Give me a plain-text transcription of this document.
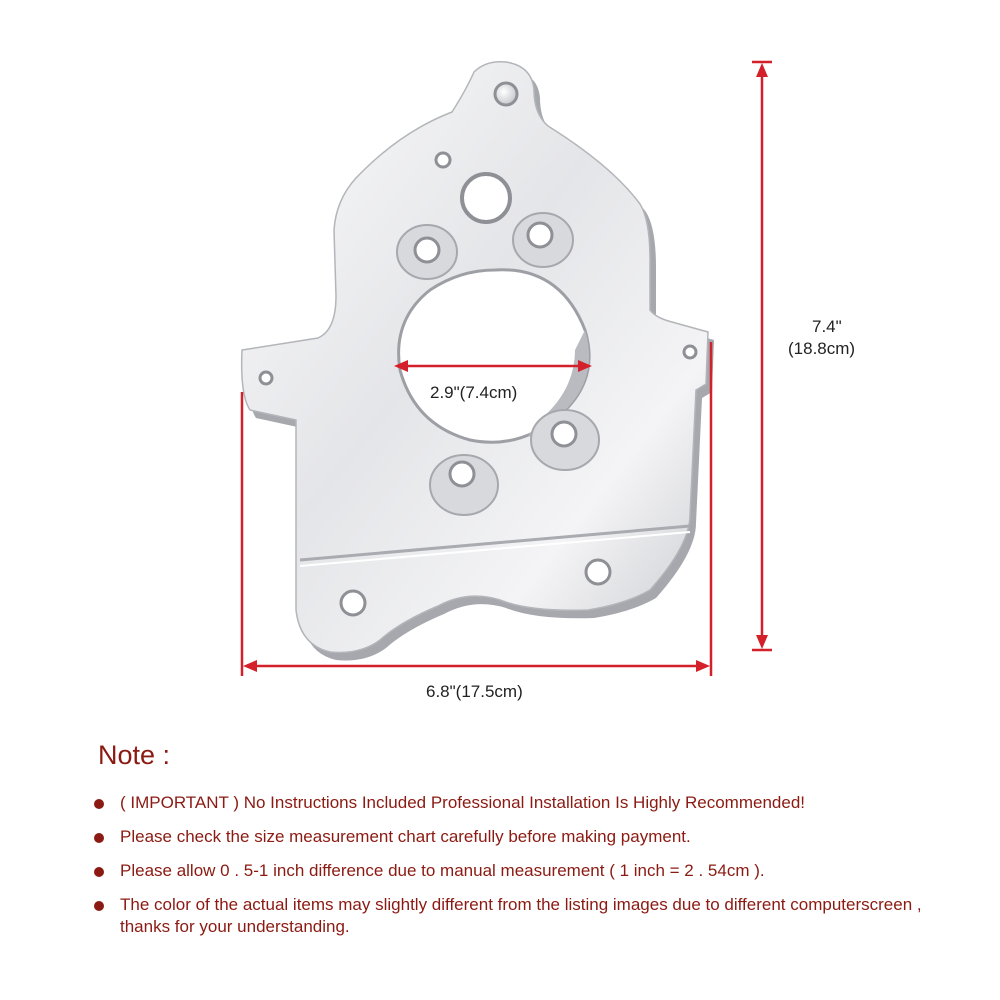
2.9"(7.4cm)
6.8"(17.5cm)
7.4"
(18.8cm)
Note :
( IMPORTANT ) No Instructions Included Professional Installation Is Highly Recommended!
Please check the size measurement chart carefully before making payment.
Please allow 0 . 5-1 inch difference due to manual measurement ( 1 inch = 2 . 54cm ).
The color of the actual items may slightly different from the listing images due to different computerscreen , thanks for your understanding.
